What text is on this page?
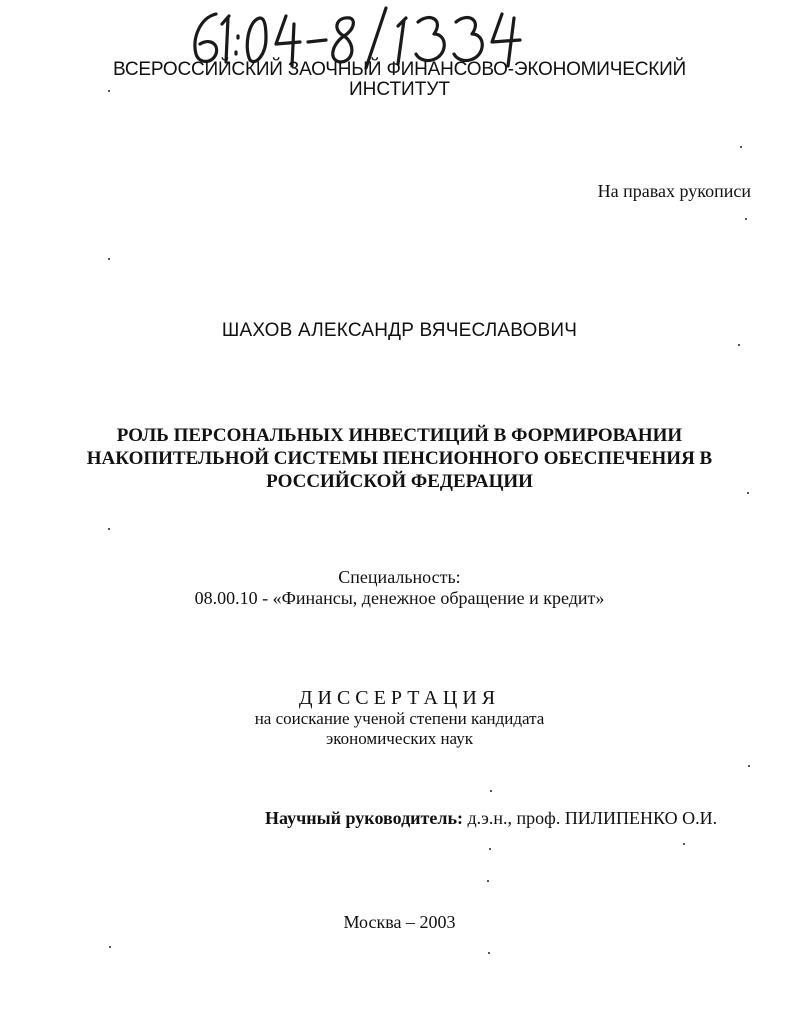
ВСЕРОССИЙСКИЙ ЗАОЧНЫЙ ФИНАНСОВО-ЭКОНОМИЧЕСКИЙ
ИНСТИТУТ
На правах рукописи
ШАХОВ АЛЕКСАНДР ВЯЧЕСЛАВОВИЧ
РОЛЬ ПЕРСОНАЛЬНЫХ ИНВЕСТИЦИЙ В ФОРМИРОВАНИИ
НАКОПИТЕЛЬНОЙ СИСТЕМЫ ПЕНСИОННОГО ОБЕСПЕЧЕНИЯ В
РОССИЙСКОЙ ФЕДЕРАЦИИ
Специальность:
08.00.10 - «Финансы, денежное обращение и кредит»
ДИССЕРТАЦИЯ
на соискание ученой степени кандидата
экономических наук
Научный руководитель: д.э.н., проф. ПИЛИПЕНКО О.И.
Москва – 2003
